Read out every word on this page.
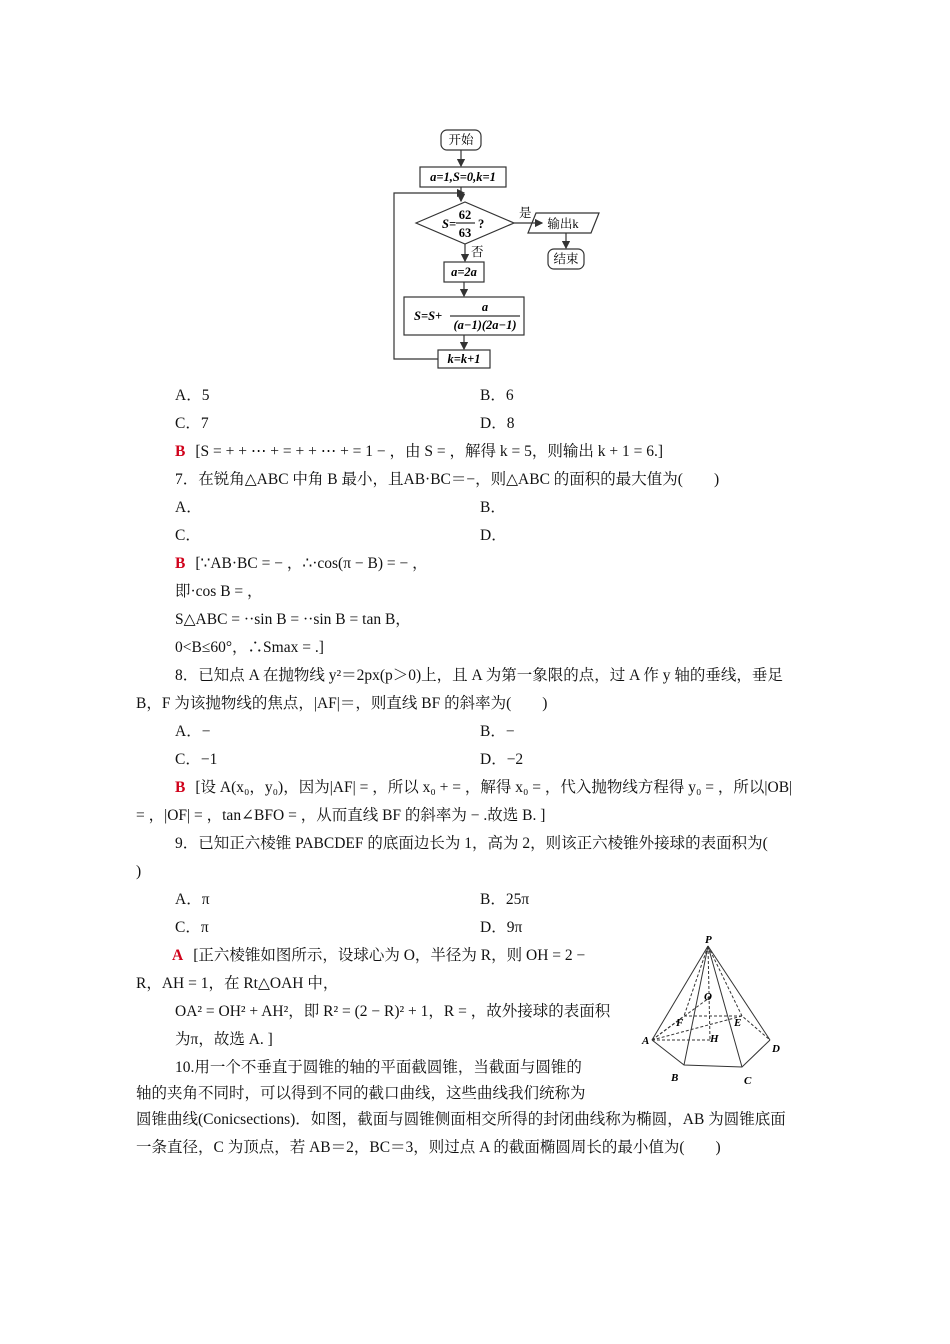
开始
a=1,S=0,k=1
S=
62
63
?
是
否
输出k
结束
a=2a
S=S+
a
(a−1)(2a−1)
k=k+1
A．5	B．6
C．7	D．8
B [S = + + ⋯ + = + + ⋯ + = 1 − ，由 S = ，解得 k = 5，则输出 k + 1 = 6.]
7．在锐角△ABC 中角 B 最小，且AB·BC＝−，则△ABC 的面积的最大值为(　　)
A．	B．
C．	D．
B [∵AB·BC = − ，∴·cos(π − B) = − ，
即·cos B = ，
S△ABC = ··sin B = ··sin B = tan B，
0<B≤60°，∴Smax = .]
8．已知点 A 在抛物线 y²＝2px(p＞0)上，且 A 为第一象限的点，过 A 作 y 轴的垂线，垂足
B，F 为该抛物线的焦点，|AF|＝，则直线 BF 的斜率为(　　)
A．−	B．−
C．−1	D．−2
B [设 A(x₀，y₀)，因为|AF| = ，所以 x₀ + = ，解得 x₀ = ，代入抛物线方程得 y₀ = ，所以|OB|
= ，|OF| = ，tan∠BFO = ，从而直线 BF 的斜率为 − .故选 B. ]
9．已知正六棱锥 PABCDEF 的底面边长为 1，高为 2，则该正六棱锥外接球的表面积为(
)
A．π	B．25π
C．π	D．9π
A [正六棱锥如图所示，设球心为 O，半径为 R，则 OH = 2 −
R，AH = 1，在 Rt△OAH 中，
OA² = OH² + AH²，即 R² = (2 − R)² + 1，R = ，故外接球的表面积
为π，故选 A. ]
P
O
F	E
A	H
D
B	C
10.用一个不垂直于圆锥的轴的平面截圆锥，当截面与圆锥的
轴的夹角不同时，可以得到不同的截口曲线，这些曲线我们统称为
圆锥曲线(Conicsections)．如图，截面与圆锥侧面相交所得的封闭曲线称为椭圆，AB 为圆锥底面
一条直径，C 为顶点，若 AB＝2，BC＝3，则过点 A 的截面椭圆周长的最小值为(　　)
